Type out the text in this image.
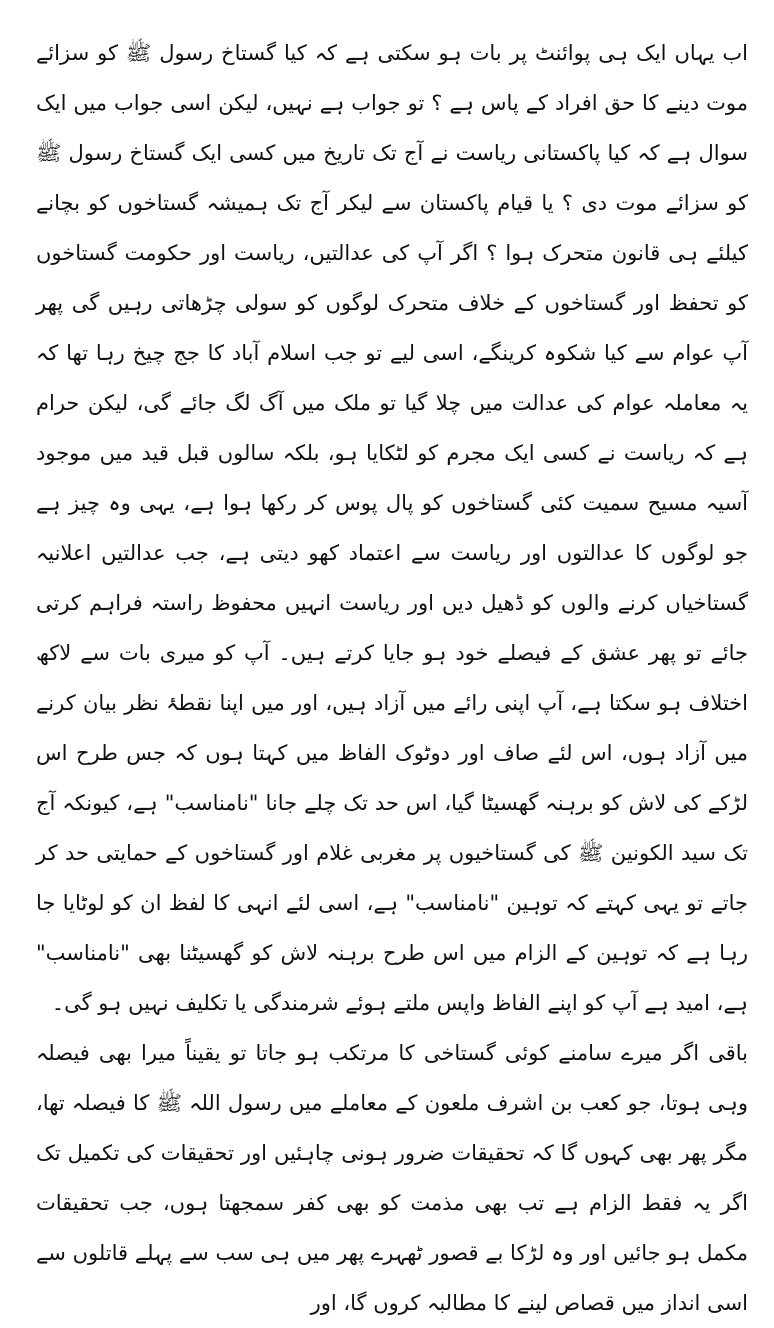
اب یہاں ایک ہی پوائنٹ پر بات ہو سکتی ہے کہ کیا گستاخ رسول ﷺ کو سزائے موت دینے کا حق افراد کے پاس ہے ؟ تو جواب ہے نہیں، لیکن اسی جواب میں ایک سوال ہے کہ کیا پاکستانی ریاست نے آج تک تاریخ میں کسی ایک گستاخ رسول ﷺ کو سزائے موت دی ؟ یا قیام پاکستان سے لیکر آج تک ہمیشہ گستاخوں کو بچانے کیلئے ہی قانون متحرک ہوا ؟ اگر آپ کی عدالتیں، ریاست اور حکومت گستاخوں کو تحفظ اور گستاخوں کے خلاف متحرک لوگوں کو سولی چڑھاتی رہیں گی پھر آپ عوام سے کیا شکوہ کرینگے، اسی لیے تو جب اسلام آباد کا جج چیخ رہا تھا کہ یہ معاملہ عوام کی عدالت میں چلا گیا تو ملک میں آگ لگ جائے گی، لیکن حرام ہے کہ ریاست نے کسی ایک مجرم کو لٹکایا ہو، بلکہ سالوں قبل قید میں موجود آسیہ مسیح سمیت کئی گستاخوں کو پال پوس کر رکھا ہوا ہے، یہی وہ چیز ہے جو لوگوں کا عدالتوں اور ریاست سے اعتماد کھو دیتی ہے، جب عدالتیں اعلانیہ گستاخیاں کرنے والوں کو ڈھیل دیں اور ریاست انہیں محفوظ راستہ فراہم کرتی جائے تو پھر عشق کے فیصلے خود ہو جایا کرتے ہیں۔ آپ کو میری بات سے لاکھ اختلاف ہو سکتا ہے، آپ اپنی رائے میں آزاد ہیں، اور میں اپنا نقطۂ نظر بیان کرنے میں آزاد ہوں، اس لئے صاف اور دوٹوک الفاظ میں کہتا ہوں کہ جس طرح اس لڑکے کی لاش کو برہنہ گھسیٹا گیا، اس حد تک چلے جانا "نامناسب" ہے، کیونکہ آج تک سید الکونین ﷺ کی گستاخیوں پر مغربی غلام اور گستاخوں کے حمایتی حد کر جاتے تو یہی کہتے کہ توہین "نامناسب" ہے، اسی لئے انہی کا لفظ ان کو لوٹایا جا رہا ہے کہ توہین کے الزام میں اس طرح برہنہ لاش کو گھسیٹنا بھی "نامناسب" ہے، امید ہے آپ کو اپنے الفاظ واپس ملتے ہوئے شرمندگی یا تکلیف نہیں ہو گی۔

باقی اگر میرے سامنے کوئی گستاخی کا مرتکب ہو جاتا تو یقیناً میرا بھی فیصلہ وہی ہوتا، جو کعب بن اشرف ملعون کے معاملے میں رسول اللہ ﷺ کا فیصلہ تھا، مگر پھر بھی کہوں گا کہ تحقیقات ضرور ہونی چاہئیں اور تحقیقات کی تکمیل تک اگر یہ فقط الزام ہے تب بھی مذمت کو بھی کفر سمجھتا ہوں، جب تحقیقات مکمل ہو جائیں اور وہ لڑکا بے قصور ٹھہرے پھر میں ہی سب سے پہلے قاتلوں سے اسی انداز میں قصاص لینے کا مطالبہ کروں گا، اور
